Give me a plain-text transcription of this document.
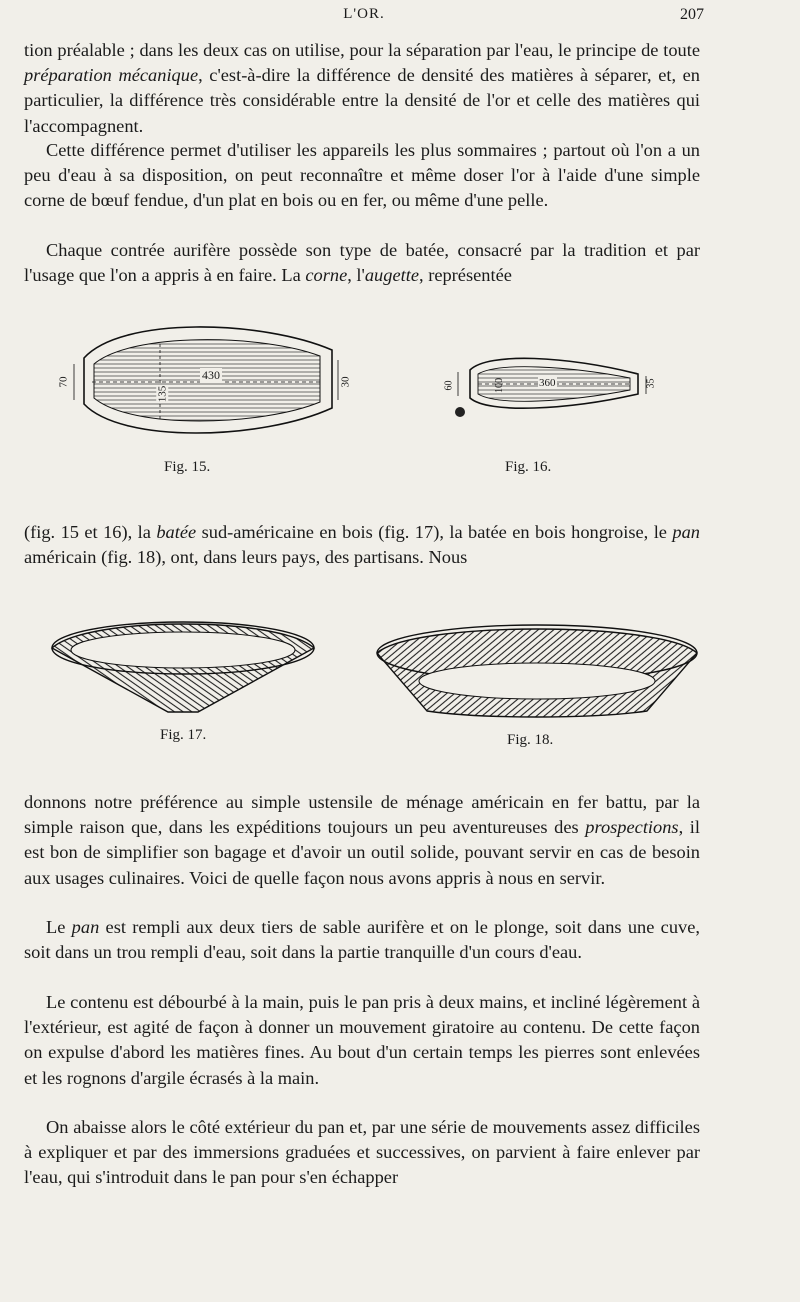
L'OR.	207

tion préalable ; dans les deux cas on utilise, pour la séparation par l'eau, le principe de toute préparation mécanique, c'est-à-dire la différence de densité des matières à séparer, et, en particulier, la différence très considérable entre la densité de l'or et celle des matières qui l'accompagnent.

Cette différence permet d'utiliser les appareils les plus sommaires ; partout où l'on a un peu d'eau à sa disposition, on peut reconnaître et même doser l'or à l'aide d'une simple corne de bœuf fendue, d'un plat en bois ou en fer, ou même d'une pelle.

Chaque contrée aurifère possède son type de batée, consacré par la tradition et par l'usage que l'on a appris à en faire. La corne, l'augette, représentée

430
70
135
30
Fig. 15.
360
60	100	35
Fig. 16.

(fig. 15 et 16), la batée sud-américaine en bois (fig. 17), la batée en bois hongroise, le pan américain (fig. 18), ont, dans leurs pays, des partisans. Nous

Fig. 17.	Fig. 18.

donnons notre préférence au simple ustensile de ménage américain en fer battu, par la simple raison que, dans les expéditions toujours un peu aventureuses des prospections, il est bon de simplifier son bagage et d'avoir un outil solide, pouvant servir en cas de besoin aux usages culinaires. Voici de quelle façon nous avons appris à nous en servir.

Le pan est rempli aux deux tiers de sable aurifère et on le plonge, soit dans une cuve, soit dans un trou rempli d'eau, soit dans la partie tranquille d'un cours d'eau.

Le contenu est débourbé à la main, puis le pan pris à deux mains, et incliné légèrement à l'extérieur, est agité de façon à donner un mouvement giratoire au contenu. De cette façon on expulse d'abord les matières fines. Au bout d'un certain temps les pierres sont enlevées et les rognons d'argile écrasés à la main.

On abaisse alors le côté extérieur du pan et, par une série de mouvements assez difficiles à expliquer et par des immersions graduées et successives, on parvient à faire enlever par l'eau, qui s'introduit dans le pan pour s'en échapper
